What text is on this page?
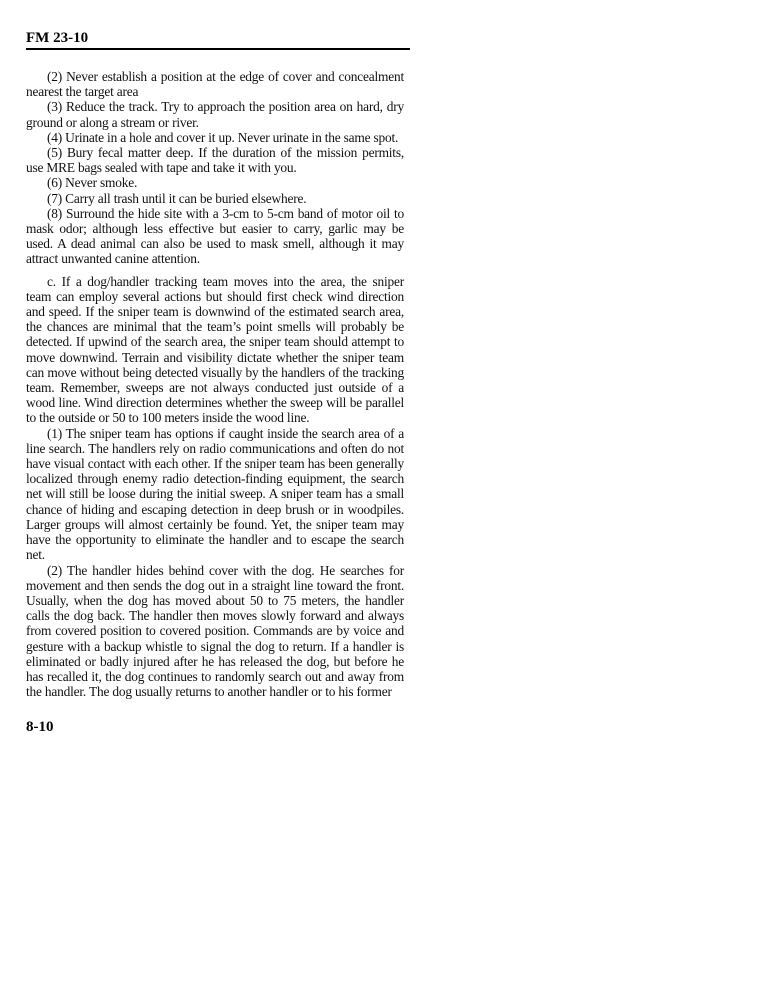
FM 23-10

(2) Never establish a position at the edge of cover and concealment nearest the target area

(3) Reduce the track. Try to approach the position area on hard, dry ground or along a stream or river.

(4) Urinate in a hole and cover it up. Never urinate in the same spot.

(5) Bury fecal matter deep. If the duration of the mission permits, use MRE bags sealed with tape and take it with you.

(6) Never smoke.

(7) Carry all trash until it can be buried elsewhere.

(8) Surround the hide site with a 3-cm to 5-cm band of motor oil to mask odor; although less effective but easier to carry, garlic may be used. A dead animal can also be used to mask smell, although it may attract unwanted canine attention.

c. If a dog/handler tracking team moves into the area, the sniper team can employ several actions but should first check wind direction and speed. If the sniper team is downwind of the estimated search area, the chances are minimal that the team’s point smells will probably be detected. If upwind of the search area, the sniper team should attempt to move downwind. Terrain and visibility dictate whether the sniper team can move without being detected visually by the handlers of the tracking team. Remember, sweeps are not always conducted just outside of a wood line. Wind direction determines whether the sweep will be parallel to the outside or 50 to 100 meters inside the wood line.

(1) The sniper team has options if caught inside the search area of a line search. The handlers rely on radio communications and often do not have visual contact with each other. If the sniper team has been generally localized through enemy radio detection-finding equipment, the search net will still be loose during the initial sweep. A sniper team has a small chance of hiding and escaping detection in deep brush or in woodpiles. Larger groups will almost certainly be found. Yet, the sniper team may have the opportunity to eliminate the handler and to escape the search net.

(2) The handler hides behind cover with the dog. He searches for movement and then sends the dog out in a straight line toward the front. Usually, when the dog has moved about 50 to 75 meters, the handler calls the dog back. The handler then moves slowly forward and always from covered position to covered position. Commands are by voice and gesture with a backup whistle to signal the dog to return. If a handler is eliminated or badly injured after he has released the dog, but before he has recalled it, the dog continues to randomly search out and away from the handler. The dog usually returns to another handler or to his former

8-10
